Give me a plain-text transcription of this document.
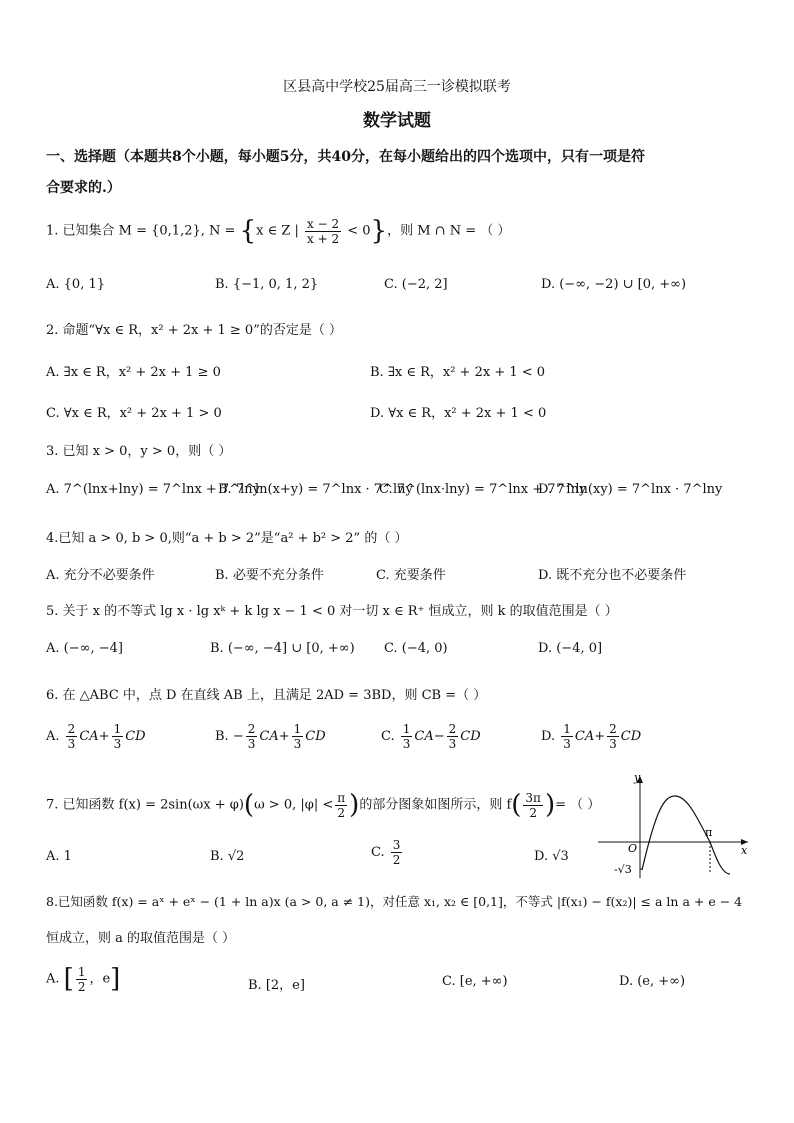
区县高中学校25届高三一诊模拟联考
数学试题
一、选择题（本题共8个小题，每小题5分，共40分，在每小题给出的四个选项中，只有一项是符
合要求的.）
1. 已知集合 M = {0,1,2}, N = {x ∈ Z | $\frac{x - 2}{x + 2} < 0$}，则 M ∩ N = （ ）
A. {0, 1}	B. {−1, 0, 1, 2}	C. (−2, 2]	D. (−∞, −2) ∪ [0, +∞)
2. 命题“∀x ∈ R，x² + 2x + 1 ≥ 0”的否定是（ ）
A. ∃x ∈ R，x² + 2x + 1 ≥ 0	B. ∃x ∈ R，x² + 2x + 1 < 0
C. ∀x ∈ R，x² + 2x + 1 > 0	D. ∀x ∈ R，x² + 2x + 1 < 0
3. 已知 x > 0，y > 0，则（ ）
A. 7^(lnx+lny) = 7^lnx + 7^lny
B. 7^ln(x+y) = 7^lnx · 7^lny
C. 7^(lnx·lny) = 7^lnx + 7^lny
D. 7^ln(xy) = 7^lnx · 7^lny
4.已知 a > 0, b > 0,则“a + b > 2”是“a² + b² > 2” 的（ ）
A. 充分不必要条件	B. 必要不充分条件	C. 充要条件	D. 既不充分也不必要条件
5. 关于 x 的不等式 lg x · lg xᵏ + k lg x − 1 < 0 对一切 x ∈ R⁺ 恒成立，则 k 的取值范围是（ ）
A. (−∞, −4]	B. (−∞, −4] ∪ [0, +∞) C. (−4, 0)	D. (−4, 0]
6. 在 △ABC 中，点 D 在直线 AB 上，且满足 2AD = 3BD，则 CB =（ ）
A. $\frac{2}{3} CA+ \frac{1}{3}$ CD	B. − $\frac{2}{3} CA+ \frac{1}{3}$ CD	C. $\frac{1}{3} CA- \frac{2}{3}$ CD	D. $\frac{1}{3} CA+ \frac{2}{3}$ CD
7. 已知函数 f(x) = 2sin(ωx + φ)(ω > 0, $|\varphi| < \frac{\pi}{2}$ )的部分图象如图所示，则 $f( \frac{3\pi}{2}$ )= （ ）
A. 1	B. √2	C. $\frac{3}{2}$	D. √3
y
x
O
π
-√3
8.已知函数 f(x) = aˣ + eˣ − (1 + ln a)x (a > 0, a ≠ 1)，对任意 x₁, x₂ ∈ [0,1]，不等式 |f(x₁) − f(x₂)| ≤ a ln a + e − 4
恒成立，则 a 的取值范围是（ ）
A. [ $\frac{1}{2}$ ，e]	B. [2，e]	C. [e, +∞)	D. (e, +∞)
